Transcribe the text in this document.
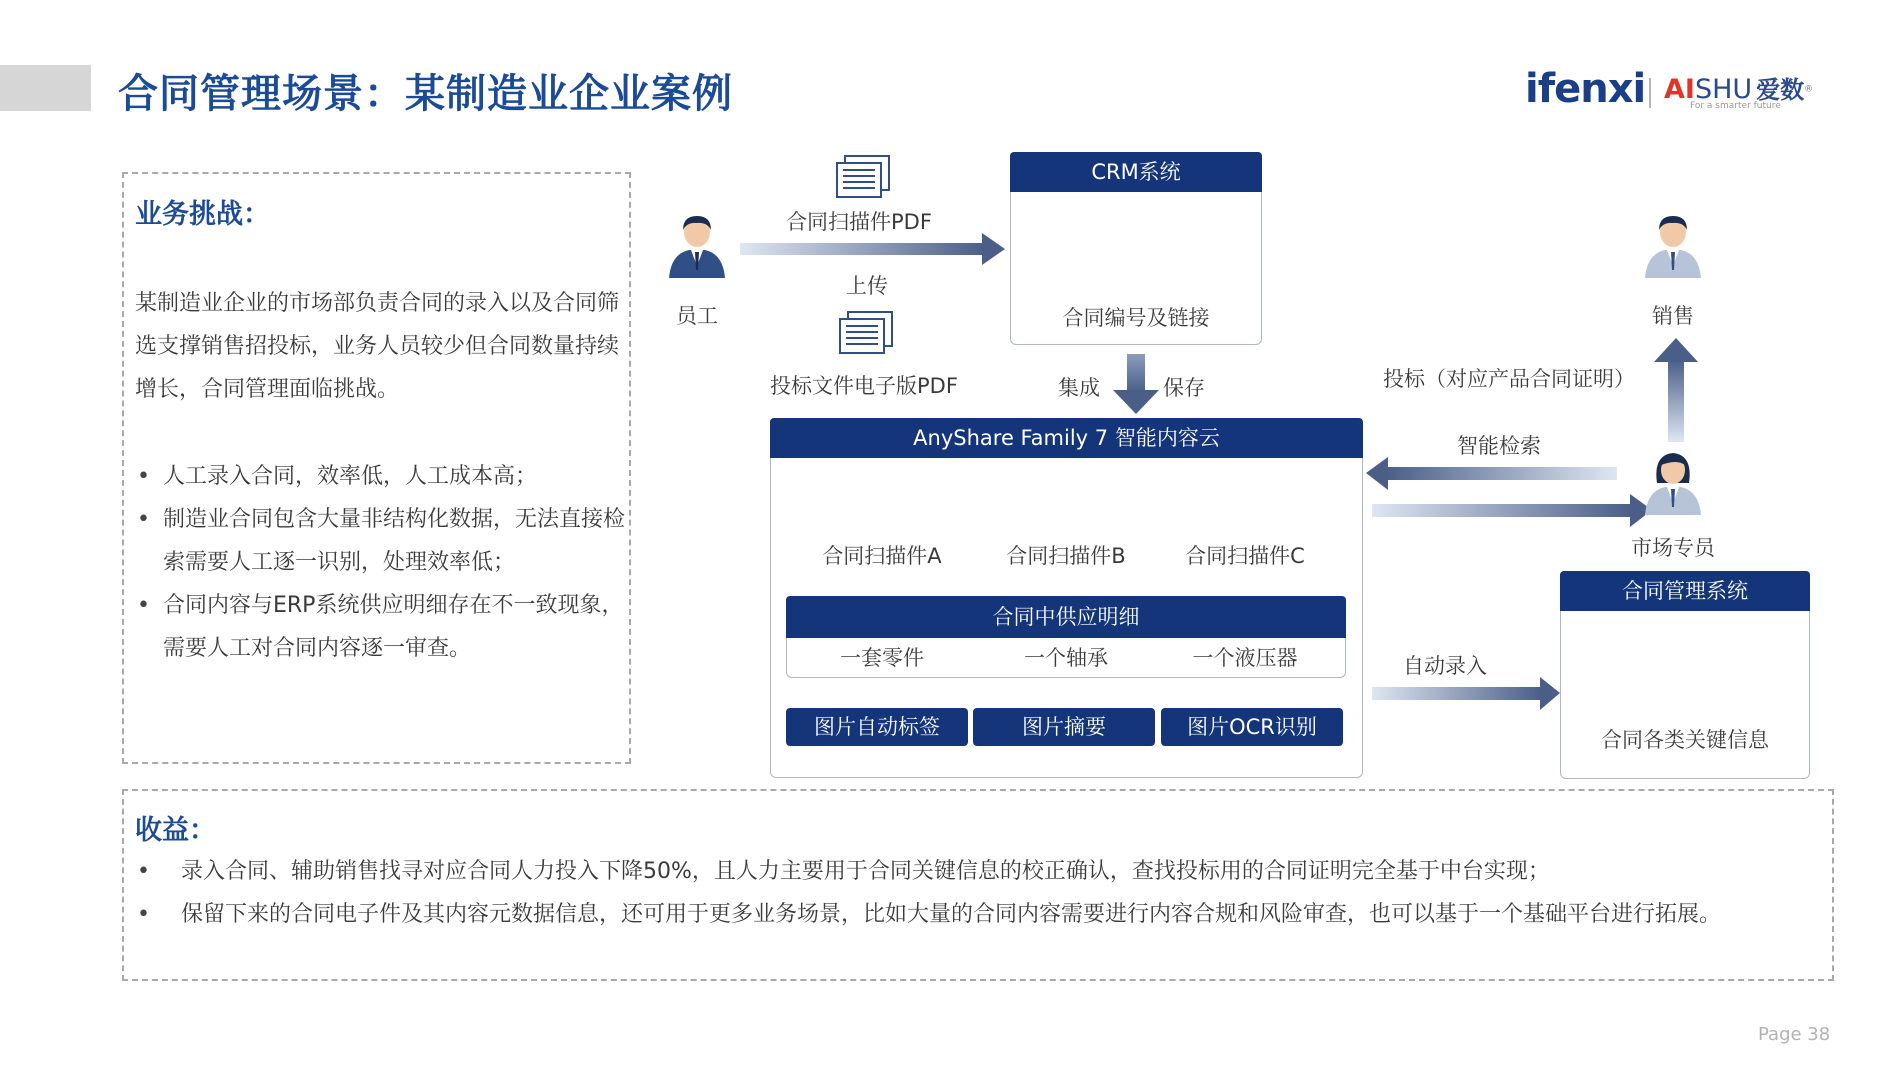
合同管理场景：某制造业企业案例	ifenxi AISHU 爱数®
For a smarter future
业务挑战：
某制造业企业的市场部负责合同的录入以及合同筛选支撑销售招投标，业务人员较少但合同数量持续增长，合同管理面临挑战。
• 人工录入合同，效率低，人工成本高；
• 制造业合同包含大量非结构化数据，无法直接检索需要人工逐一识别，处理效率低；
• 合同内容与ERP系统供应明细存在不一致现象，需要人工对合同内容逐一审查。
员工
合同扫描件PDF
上传
投标文件电子版PDF
CRM系统
合同编号及链接
集成	保存
AnyShare Family 7 智能内容云
合同扫描件A	合同扫描件B	合同扫描件C
合同中供应明细
一套零件	一个轴承	一个液压器
图片自动标签	图片摘要	图片OCR识别
销售
投标（对应产品合同证明）
智能检索
市场专员
自动录入
合同管理系统
合同各类关键信息
收益：
• 录入合同、辅助销售找寻对应合同人力投入下降50%，且人力主要用于合同关键信息的校正确认，查找投标用的合同证明完全基于中台实现；
• 保留下来的合同电子件及其内容元数据信息，还可用于更多业务场景，比如大量的合同内容需要进行内容合规和风险审查，也可以基于一个基础平台进行拓展。
Page 38
